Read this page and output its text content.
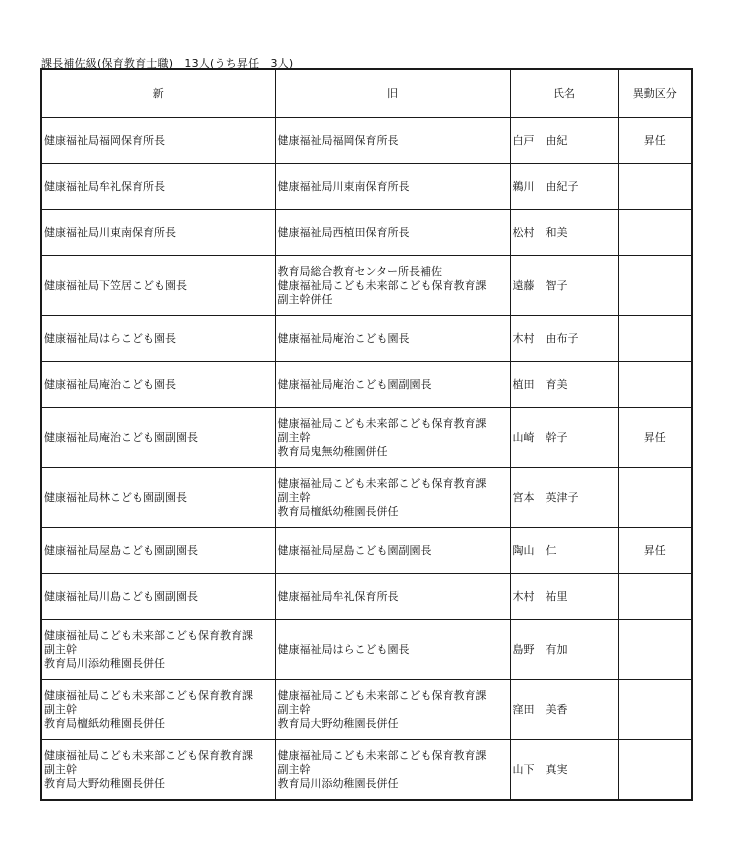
課長補佐級(保育教育士職)　13人(うち昇任　3人)
新	旧	氏名	異動区分

健康福祉局福岡保育所長	健康福祉局福岡保育所長	白戸　由紀	昇任

健康福祉局牟礼保育所長	健康福祉局川東南保育所長	鵜川　由紀子	

健康福祉局川東南保育所長	健康福祉局西植田保育所長	松村　和美	

健康福祉局下笠居こども園長	教育局総合教育センター所長補佐
健康福祉局こども未来部こども保育教育課
副主幹併任	遠藤　智子	

健康福祉局はらこども園長	健康福祉局庵治こども園長	木村　由布子	

健康福祉局庵治こども園長	健康福祉局庵治こども園副園長	植田　育美	

健康福祉局庵治こども園副園長	健康福祉局こども未来部こども保育教育課
副主幹
教育局鬼無幼稚園併任	山崎　幹子	昇任

健康福祉局林こども園副園長	健康福祉局こども未来部こども保育教育課
副主幹
教育局檀紙幼稚園長併任	宮本　英津子	

健康福祉局屋島こども園副園長	健康福祉局屋島こども園副園長	陶山　仁	昇任

健康福祉局川島こども園副園長	健康福祉局牟礼保育所長	木村　祐里	

健康福祉局こども未来部こども保育教育課
副主幹
教育局川添幼稚園長併任	健康福祉局はらこども園長	島野　有加	

健康福祉局こども未来部こども保育教育課
副主幹
教育局檀紙幼稚園長併任	健康福祉局こども未来部こども保育教育課
副主幹
教育局大野幼稚園長併任	窪田　美香	

健康福祉局こども未来部こども保育教育課
副主幹
教育局大野幼稚園長併任	健康福祉局こども未来部こども保育教育課
副主幹
教育局川添幼稚園長併任	山下　真実	
